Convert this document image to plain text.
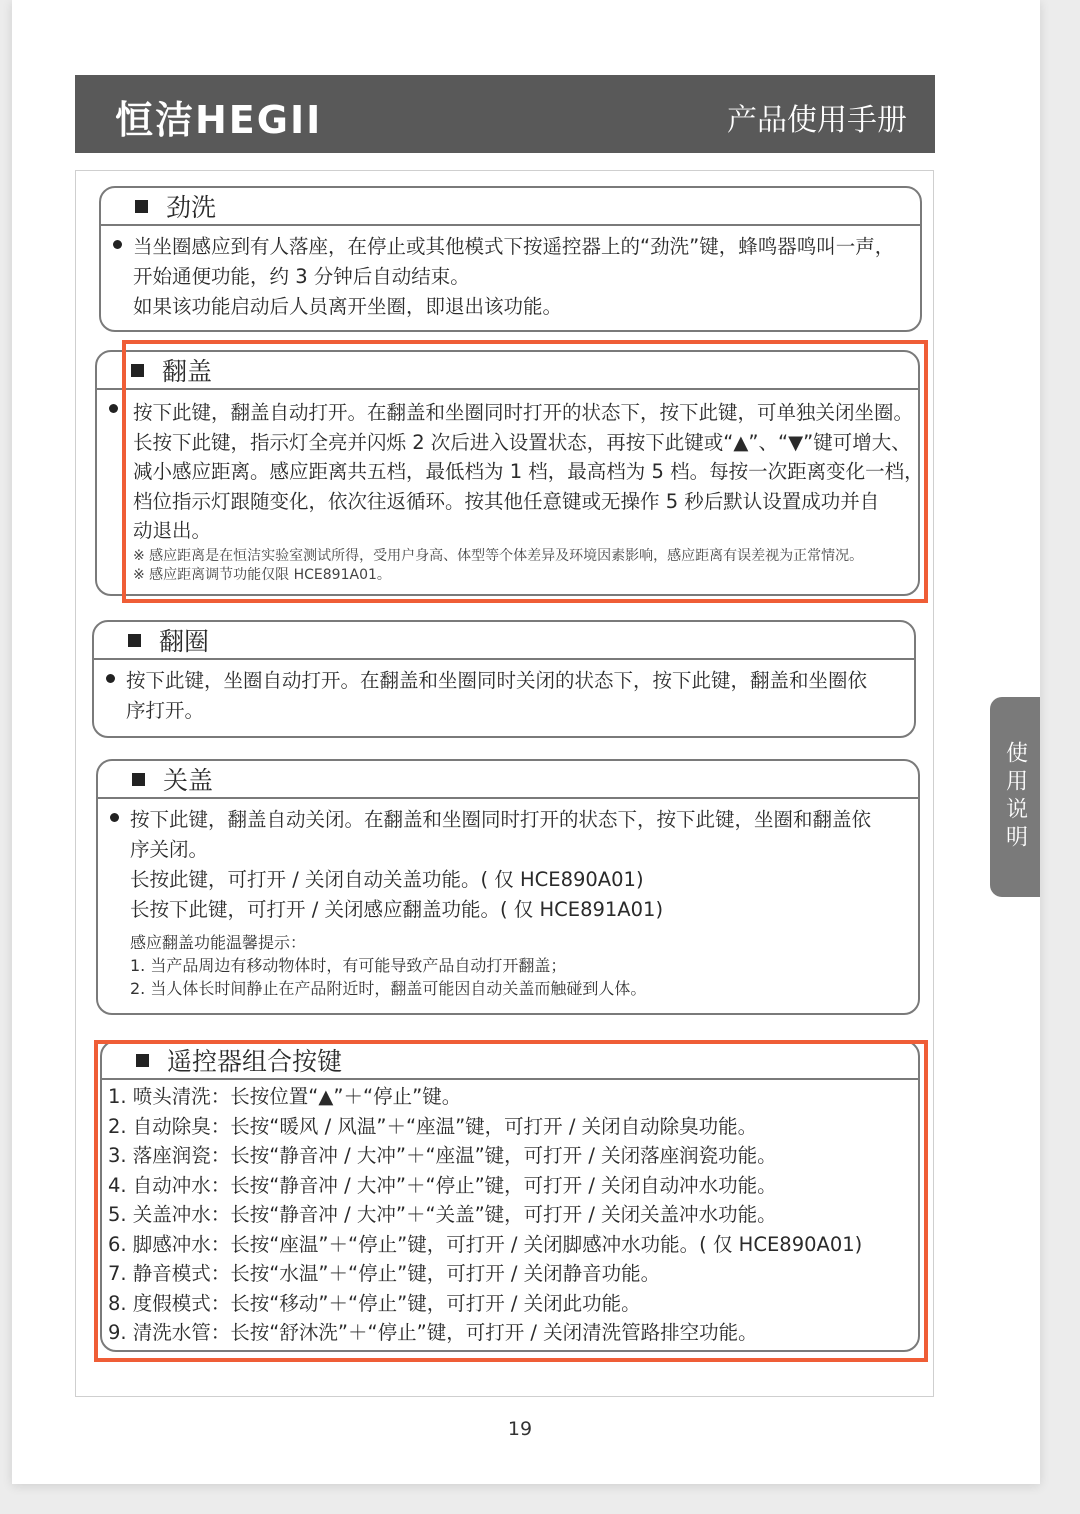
恒洁HEGII	产品使用手册
劲洗
当坐圈感应到有人落座，在停止或其他模式下按遥控器上的“劲洗”键，蜂鸣器鸣叫一声，
开始通便功能，约 3 分钟后自动结束。
如果该功能启动后人员离开坐圈，即退出该功能。
翻盖
按下此键，翻盖自动打开。在翻盖和坐圈同时打开的状态下，按下此键，可单独关闭坐圈。
长按下此键，指示灯全亮并闪烁 2 次后进入设置状态，再按下此键或“▲”、“▼”键可增大、
减小感应距离。感应距离共五档，最低档为 1 档，最高档为 5 档。每按一次距离变化一档，
档位指示灯跟随变化，依次往返循环。按其他任意键或无操作 5 秒后默认设置成功并自
动退出。
※ 感应距离是在恒洁实验室测试所得，受用户身高、体型等个体差异及环境因素影响，感应距离有误差视为正常情况。
※ 感应距离调节功能仅限 HCE891A01。
翻圈
按下此键，坐圈自动打开。在翻盖和坐圈同时关闭的状态下，按下此键，翻盖和坐圈依
序打开。
关盖
按下此键，翻盖自动关闭。在翻盖和坐圈同时打开的状态下，按下此键，坐圈和翻盖依
序关闭。
长按此键，可打开 / 关闭自动关盖功能。( 仅 HCE890A01)
长按下此键，可打开 / 关闭感应翻盖功能。( 仅 HCE891A01)
感应翻盖功能温馨提示：
1. 当产品周边有移动物体时，有可能导致产品自动打开翻盖；
2. 当人体长时间静止在产品附近时，翻盖可能因自动关盖而触碰到人体。
遥控器组合按键
1. 喷头清洗：长按位置“▲”＋“停止”键。
2. 自动除臭：长按“暖风 / 风温”＋“座温”键，可打开 / 关闭自动除臭功能。
3. 落座润瓷：长按“静音冲 / 大冲”＋“座温”键，可打开 / 关闭落座润瓷功能。
4. 自动冲水：长按“静音冲 / 大冲”＋“停止”键，可打开 / 关闭自动冲水功能。
5. 关盖冲水：长按“静音冲 / 大冲”＋“关盖”键，可打开 / 关闭关盖冲水功能。
6. 脚感冲水：长按“座温”＋“停止”键，可打开 / 关闭脚感冲水功能。( 仅 HCE890A01)
7. 静音模式：长按“水温”＋“停止”键，可打开 / 关闭静音功能。
8. 度假模式：长按“移动”＋“停止”键，可打开 / 关闭此功能。
9. 清洗水管：长按“舒沐洗”＋“停止”键，可打开 / 关闭清洗管路排空功能。
使用说明
19
